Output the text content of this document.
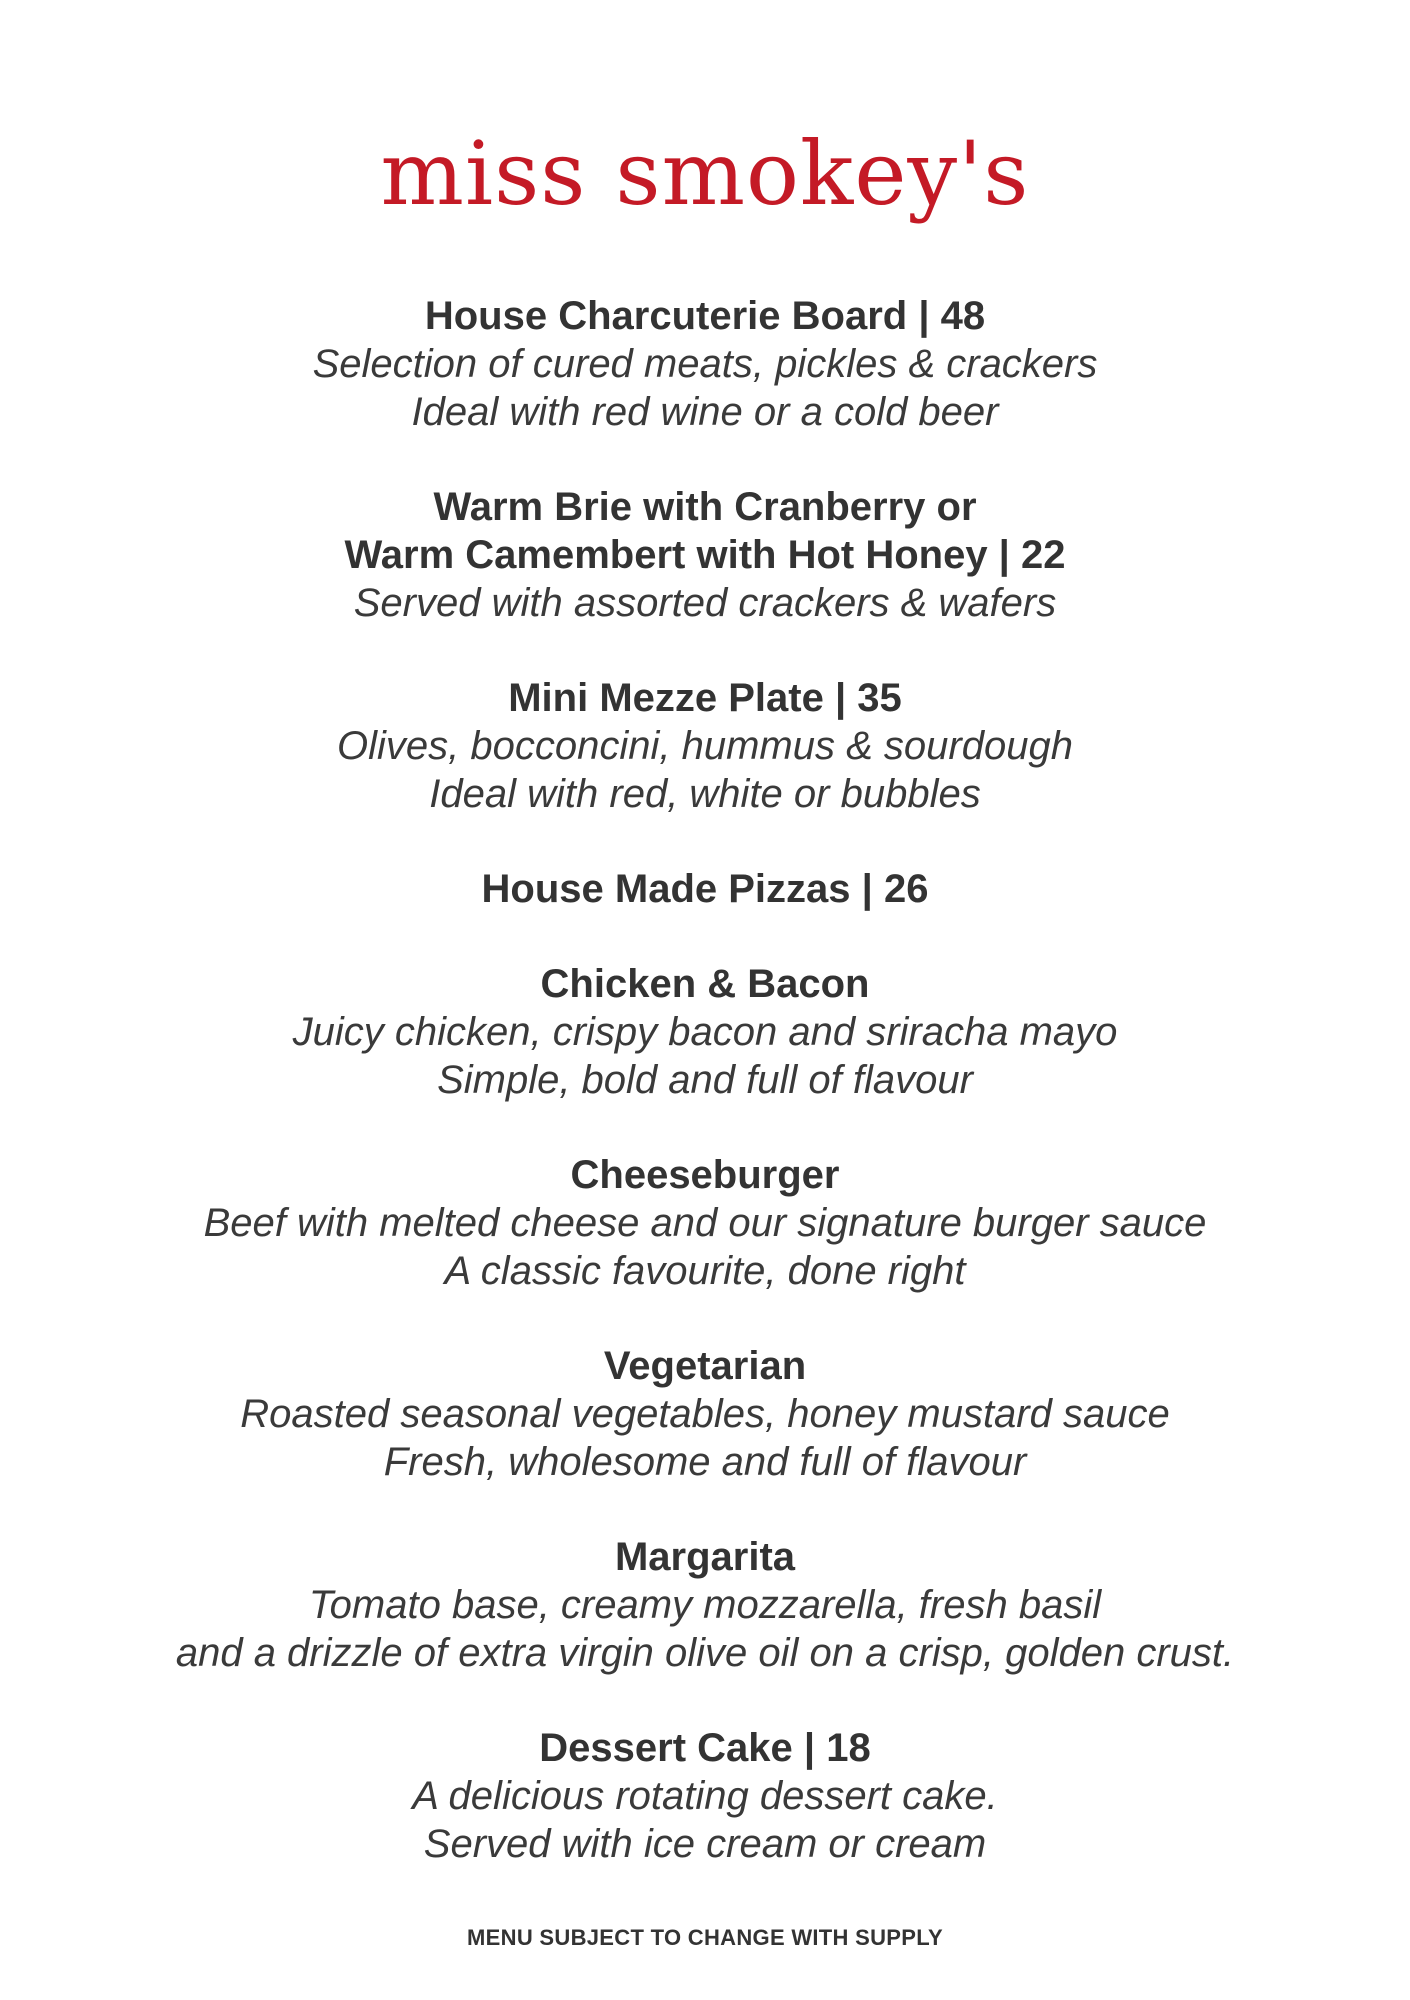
miss smokey's
House Charcuterie Board | 48
Selection of cured meats, pickles & crackers
Ideal with red wine or a cold beer
Warm Brie with Cranberry or
Warm Camembert with Hot Honey | 22
Served with assorted crackers & wafers
Mini Mezze Plate | 35
Olives, bocconcini, hummus & sourdough
Ideal with red, white or bubbles
House Made Pizzas | 26
Chicken & Bacon
Juicy chicken, crispy bacon and sriracha mayo
Simple, bold and full of flavour
Cheeseburger
Beef with melted cheese and our signature burger sauce
A classic favourite, done right
Vegetarian
Roasted seasonal vegetables, honey mustard sauce
Fresh, wholesome and full of flavour
Margarita
Tomato base, creamy mozzarella, fresh basil
and a drizzle of extra virgin olive oil on a crisp, golden crust.
Dessert Cake | 18
A delicious rotating dessert cake.
Served with ice cream or cream
MENU SUBJECT TO CHANGE WITH SUPPLY
